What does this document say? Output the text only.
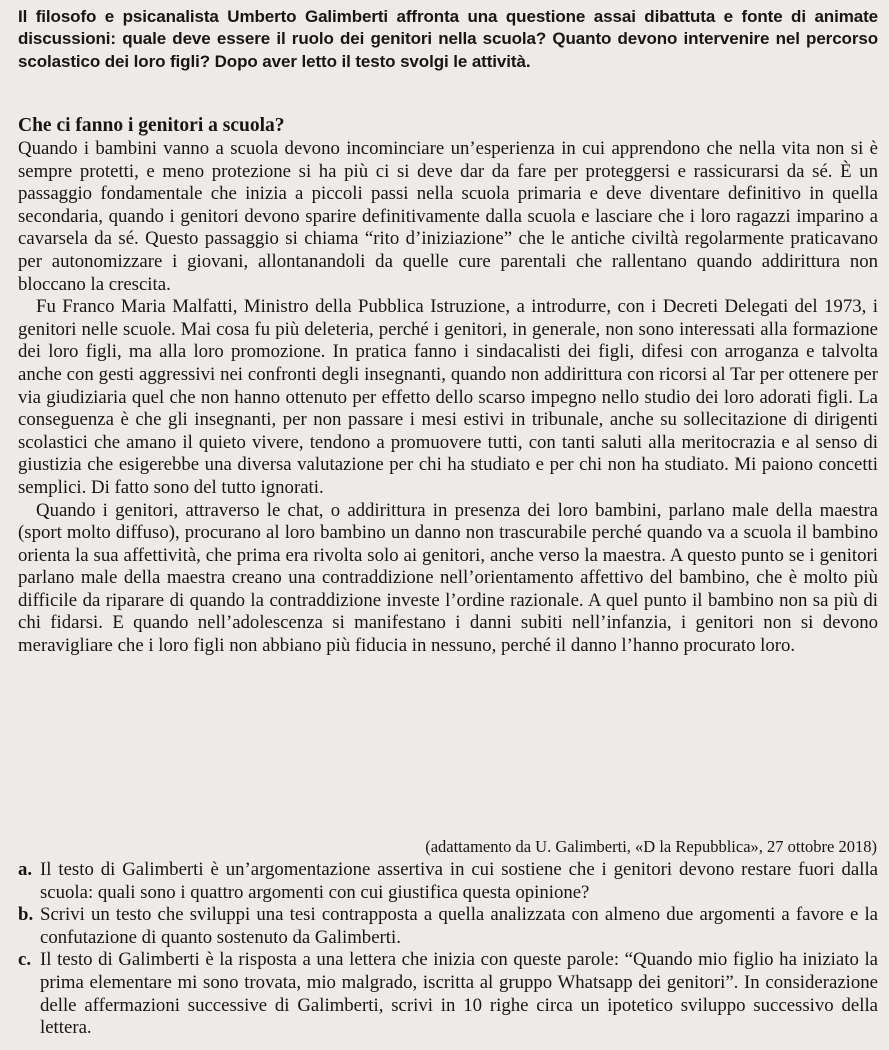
Il filosofo e psicanalista Umberto Galimberti affronta una questione assai dibattuta e fonte di animate discussioni: quale deve essere il ruolo dei genitori nella scuola? Quanto devono intervenire nel percorso scolastico dei loro figli? Dopo aver letto il testo svolgi le attività.

Che ci fanno i genitori a scuola?

Quando i bambini vanno a scuola devono incominciare un’esperienza in cui apprendono che nella vita non si è sempre protetti, e meno protezione si ha più ci si deve dar da fare per proteggersi e rassicurarsi da sé. È un passaggio fondamentale che inizia a piccoli passi nella scuola primaria e deve diventare definitivo in quella secondaria, quando i genitori devono sparire definitivamente dalla scuola e lasciare che i loro ragazzi imparino a cavarsela da sé. Questo passaggio si chiama “rito d’iniziazione” che le antiche civiltà regolarmente praticavano per autonomizzare i giovani, allontanandoli da quelle cure parentali che rallentano quando addirittura non bloccano la crescita.

Fu Franco Maria Malfatti, Ministro della Pubblica Istruzione, a introdurre, con i Decreti Delegati del 1973, i genitori nelle scuole. Mai cosa fu più deleteria, perché i genitori, in generale, non sono interessati alla formazione dei loro figli, ma alla loro promozione. In pratica fanno i sindacalisti dei figli, difesi con arroganza e talvolta anche con gesti aggressivi nei confronti degli insegnanti, quando non addirittura con ricorsi al Tar per ottenere per via giudiziaria quel che non hanno ottenuto per effetto dello scarso impegno nello studio dei loro adorati figli. La conseguenza è che gli insegnanti, per non passare i mesi estivi in tribunale, anche su sollecitazione di dirigenti scolastici che amano il quieto vivere, tendono a promuovere tutti, con tanti saluti alla meritocrazia e al senso di giustizia che esigerebbe una diversa valutazione per chi ha studiato e per chi non ha studiato. Mi paiono concetti semplici. Di fatto sono del tutto ignorati.

Quando i genitori, attraverso le chat, o addirittura in presenza dei loro bambini, parlano male della maestra (sport molto diffuso), procurano al loro bambino un danno non trascurabile perché quando va a scuola il bambino orienta la sua affettività, che prima era rivolta solo ai genitori, anche verso la maestra. A questo punto se i genitori parlano male della maestra creano una contraddizione nell’orientamento affettivo del bambino, che è molto più difficile da riparare di quando la contraddizione investe l’ordine razionale. A quel punto il bambino non sa più di chi fidarsi. E quando nell’adolescenza si manifestano i danni subiti nell’infanzia, i genitori non si devono meravigliare che i loro figli non abbiano più fiducia in nessuno, perché il danno l’hanno procurato loro.

(adattamento da U. Galimberti, «D la Repubblica», 27 ottobre 2018)

a. Il testo di Galimberti è un’argomentazione assertiva in cui sostiene che i genitori devono restare fuori dalla scuola: quali sono i quattro argomenti con cui giustifica questa opinione?
b. Scrivi un testo che sviluppi una tesi contrapposta a quella analizzata con almeno due argomenti a favore e la confutazione di quanto sostenuto da Galimberti.
c. Il testo di Galimberti è la risposta a una lettera che inizia con queste parole: “Quando mio figlio ha iniziato la prima elementare mi sono trovata, mio malgrado, iscritta al gruppo Whatsapp dei genitori”. In considerazione delle affermazioni successive di Galimberti, scrivi in 10 righe circa un ipotetico sviluppo successivo della lettera.
